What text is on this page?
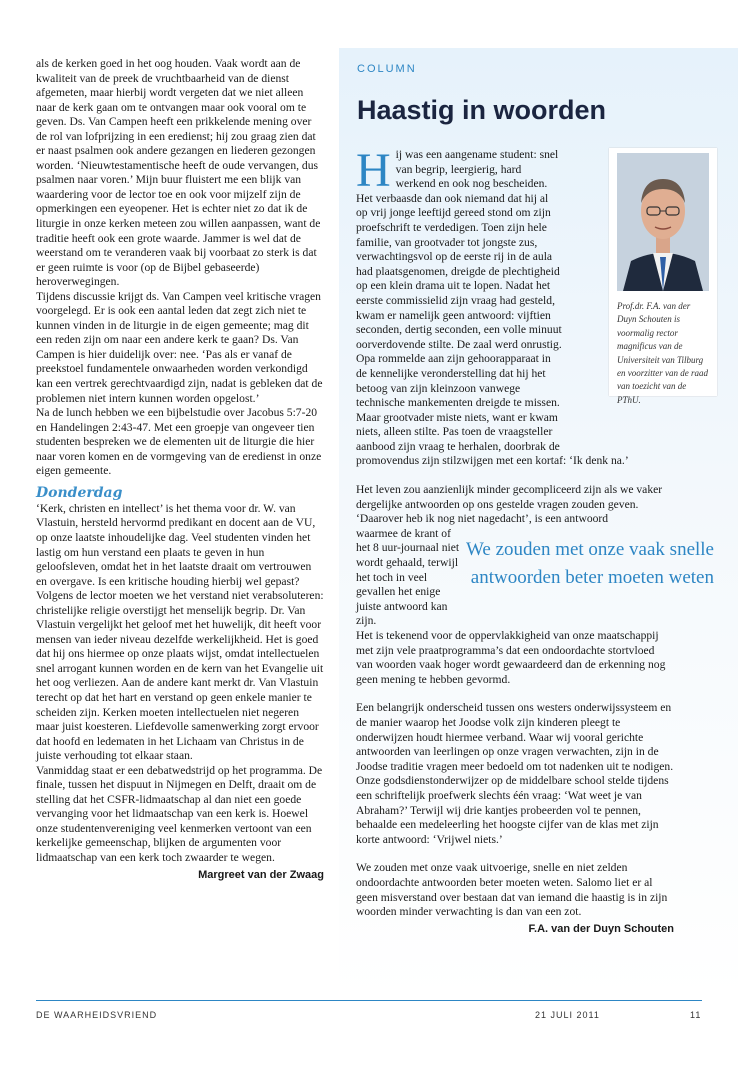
als de kerken goed in het oog houden. Vaak wordt aan de kwaliteit van de preek de vruchtbaarheid van de dienst afgemeten, maar hierbij wordt vergeten dat we niet alleen naar de kerk gaan om te ontvangen maar ook vooral om te geven. Ds. Van Campen heeft een prikkelende mening over de rol van lofprijzing in een eredienst; hij zou graag zien dat er naast psalmen ook andere gezangen en liederen gezongen worden. ‘Nieuwtestamentische heeft de oude vervangen, dus psalmen naar voren.’ Mijn buur fluistert me een blijk van waardering voor de lector toe en ook voor mijzelf zijn de opmerkingen een eyeopener. Het is echter niet zo dat ik de liturgie in onze kerken meteen zou willen aanpassen, want de traditie heeft ook een grote waarde. Jammer is wel dat de weerstand om te veranderen vaak bij voorbaat zo sterk is dat er geen ruimte is voor (op de Bijbel gebaseerde) heroverwegingen.

Tijdens discussie krijgt ds. Van Campen veel kritische vragen voorgelegd. Er is ook een aantal leden dat zegt zich niet te kunnen vinden in de liturgie in de eigen gemeente; mag dit een reden zijn om naar een andere kerk te gaan? Ds. Van Campen is hier duidelijk over: nee. ‘Pas als er vanaf de preekstoel fundamentele onwaarheden worden verkondigd kan een vertrek gerechtvaardigd zijn, nadat is gebleken dat de problemen niet intern kunnen worden opgelost.’

Na de lunch hebben we een bijbelstudie over Jacobus 5:7-20 en Handelingen 2:43-47. Met een groepje van ongeveer tien studenten bespreken we de elementen uit de liturgie die hier naar voren komen en de vormgeving van de eredienst in onze eigen gemeente.

Donderdag

‘Kerk, christen en intellect’ is het thema voor dr. W. van Vlastuin, hersteld hervormd predikant en docent aan de VU, op onze laatste inhoudelijke dag. Veel studenten vinden het lastig om hun verstand een plaats te geven in hun geloofsleven, omdat het in het laatste draait om vertrouwen en overgave. Is een kritische houding hierbij wel gepast? Volgens de lector moeten we het verstand niet verabsoluteren: christelijke religie overstijgt het menselijk begrip. Dr. Van Vlastuin vergelijkt het geloof met het huwelijk, dit heeft voor mensen van ieder niveau dezelfde werkelijkheid. Het is goed dat hij ons hiermee op onze plaats wijst, omdat intellectuelen snel arrogant kunnen worden en de kern van het Evangelie uit het oog verliezen. Aan de andere kant merkt dr. Van Vlastuin terecht op dat het hart en verstand op geen enkele manier te scheiden zijn. Kerken moeten intellectuelen niet negeren maar juist koesteren. Liefdevolle samenwerking zorgt ervoor dat hoofd en ledematen in het Lichaam van Christus in de juiste verhouding tot elkaar staan.

Vanmiddag staat er een debatwedstrijd op het programma. De finale, tussen het dispuut in Nijmegen en Delft, draait om de stelling dat het CSFR-lidmaatschap al dan niet een goede vervanging voor het lidmaatschap van een kerk is. Hoewel onze studentenvereniging veel kenmerken vertoont van een kerkelijke gemeenschap, blijken de argumenten voor lidmaatschap van een kerk toch zwaarder te wegen.

Margreet van der Zwaag
COLUMN
Haastig in woorden

Hij was een aangename student: snel van begrip, leergierig, hard werkend en ook nog bescheiden. Het verbaasde dan ook niemand dat hij al op vrij jonge leeftijd gereed stond om zijn proefschrift te verdedigen. Toen zijn hele familie, van grootvader tot jongste zus, verwachtingsvol op de eerste rij in de aula had plaatsgenomen, dreigde de plechtigheid op een klein drama uit te lopen. Nadat het eerste commissielid zijn vraag had gesteld, kwam er namelijk geen antwoord: vijftien seconden, dertig seconden, een volle minuut oorverdovende stilte. De zaal werd onrustig. Opa rommelde aan zijn gehoorapparaat in de kennelijke veronderstelling dat hij het betoog van zijn kleinzoon vanwege technische mankementen dreigde te missen. Maar grootvader miste niets, want er kwam niets, alleen stilte. Pas toen de vraagsteller aanbood zijn vraag te herhalen, doorbrak de promovendus zijn stilzwijgen met een kortaf: ‘Ik denk na.’

Het leven zou aanzienlijk minder gecompliceerd zijn als we vaker dergelijke antwoorden op ons gestelde vragen zouden geven. ‘Daarover heb ik nog niet nagedacht’, is een antwoord

waarmee de krant of het 8 uur-journaal niet wordt gehaald, terwijl het toch in veel gevallen het enige juiste antwoord kan zijn.

Het is tekenend voor de oppervlakkigheid van onze maatschappij met zijn vele praatprogramma’s dat een ondoordachte stortvloed van woorden vaak hoger wordt gewaardeerd dan de erkenning nog geen mening te hebben gevormd.

Een belangrijk onderscheid tussen ons westers onderwijssysteem en de manier waarop het Joodse volk zijn kinderen pleegt te onderwijzen houdt hiermee verband. Waar wij vooral gerichte antwoorden van leerlingen op onze vragen verwachten, zijn in de Joodse traditie vragen meer bedoeld om tot nadenken uit te nodigen. Onze godsdienstonderwijzer op de middelbare school stelde tijdens een schriftelijk proefwerk slechts één vraag: ‘Wat weet je van Abraham?’ Terwijl wij drie kantjes probeerden vol te pennen, behaalde een medeleerling het hoogste cijfer van de klas met zijn korte antwoord: ‘Vrijwel niets.’

We zouden met onze vaak uitvoerige, snelle en niet zelden ondoordachte antwoorden beter moeten weten. Salomo liet er al geen misverstand over bestaan dat van iemand die haastig is in zijn woorden minder verwachting is dan van een zot.

F.A. van der Duyn Schouten
Prof.dr. F.A. van der Duyn Schouten is voormalig rector magnificus van de Universiteit van Tilburg en voorzitter van de raad van toezicht van de PThU.
We zouden met onze vaak snelle antwoorden beter moeten weten
DE WAARHEIDSVRIEND	21 JULI 2011	11
